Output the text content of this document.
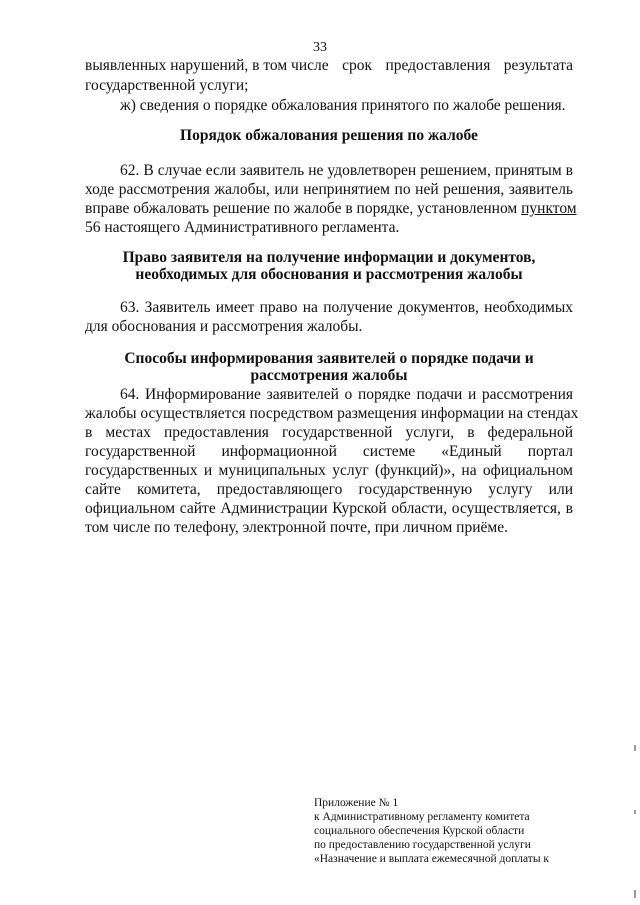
33
выявленных нарушений, в том числе срок предоставления результата
государственной услуги;
ж) сведения о порядке обжалования принятого по жалобе решения.
Порядок обжалования решения по жалобе
62. В случае если заявитель не удовлетворен решением, принятым в
ходе рассмотрения жалобы, или непринятием по ней решения, заявитель
вправе обжаловать решение по жалобе в порядке, установленном пунктом
56 настоящего Административного регламента.
Право заявителя на получение информации и документов,
необходимых для обоснования и рассмотрения жалобы
63. Заявитель имеет право на получение документов, необходимых
для обоснования и рассмотрения жалобы.
Способы информирования заявителей о порядке подачи и
рассмотрения жалобы
64. Информирование заявителей о порядке подачи и рассмотрения
жалобы осуществляется посредством размещения информации на стендах
в местах предоставления государственной услуги, в федеральной
государственной информационной системе «Единый портал
государственных и муниципальных услуг (функций)», на официальном
сайте комитета, предоставляющего государственную услугу или
официальном сайте Администрации Курской области, осуществляется, в
том числе по телефону, электронной почте, при личном приёме.
Приложение № 1
к Административному регламенту комитета
социального обеспечения Курской области
по предоставлению государственной услуги
«Назначение и выплата ежемесячной доплаты к
